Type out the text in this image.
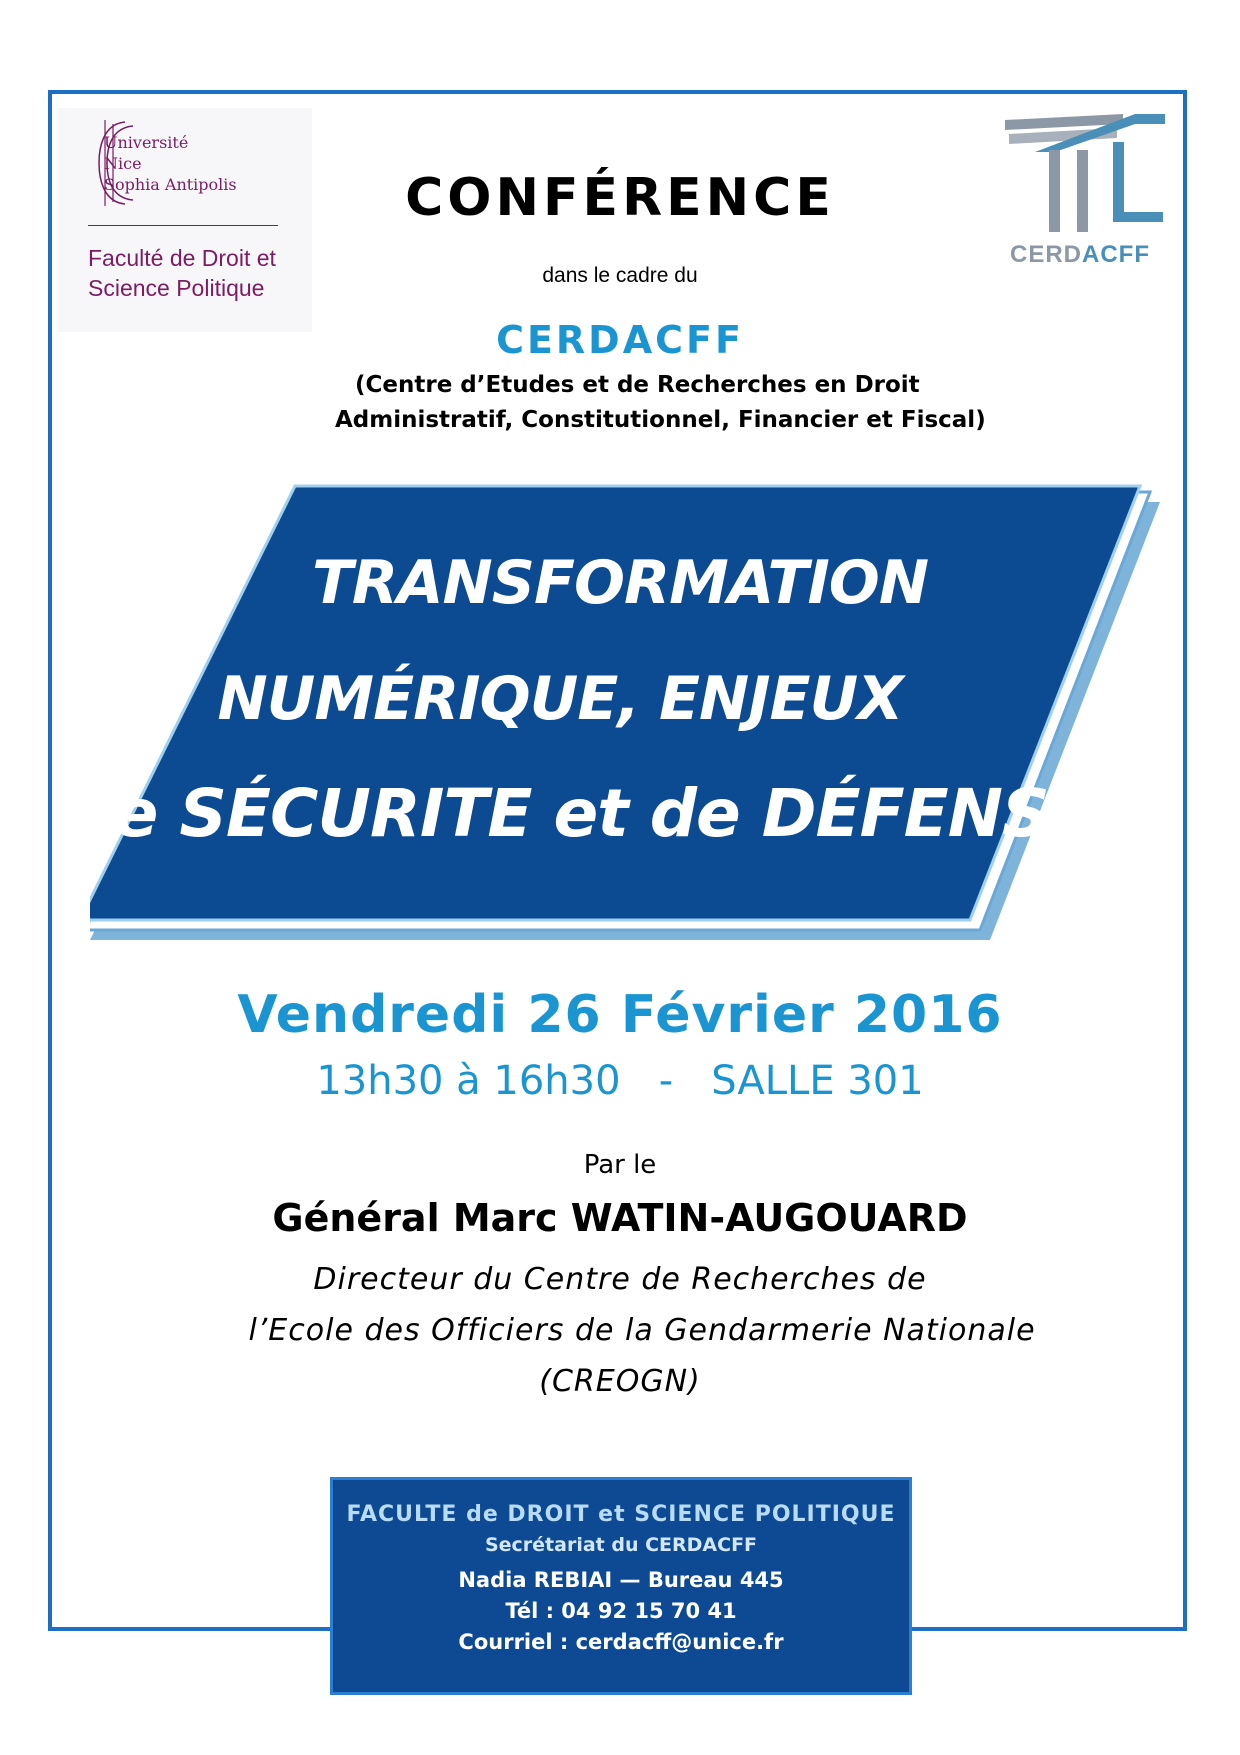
Université
Nice
Sophia Antipolis
Faculté de Droit et
Science Politique
CERDACFF
CONFÉRENCE
dans le cadre du
CERDACFF
(Centre d’Etudes et de Recherches en Droit
Administratif, Constitutionnel, Financier et Fiscal)
TRANSFORMATION
NUMÉRIQUE, ENJEUX
de SÉCURITE et de DÉFENSE
Vendredi 26 Février 2016
13h30 à 16h30   -   SALLE 301
Par le
Général Marc WATIN-AUGOUARD
Directeur du Centre de Recherches de
l’Ecole des Officiers de la Gendarmerie Nationale
(CREOGN)
FACULTE de DROIT et SCIENCE POLITIQUE
Secrétariat du CERDACFF
Nadia REBIAI — Bureau 445
Tél : 04 92 15 70 41
Courriel : cerdacff@unice.fr
